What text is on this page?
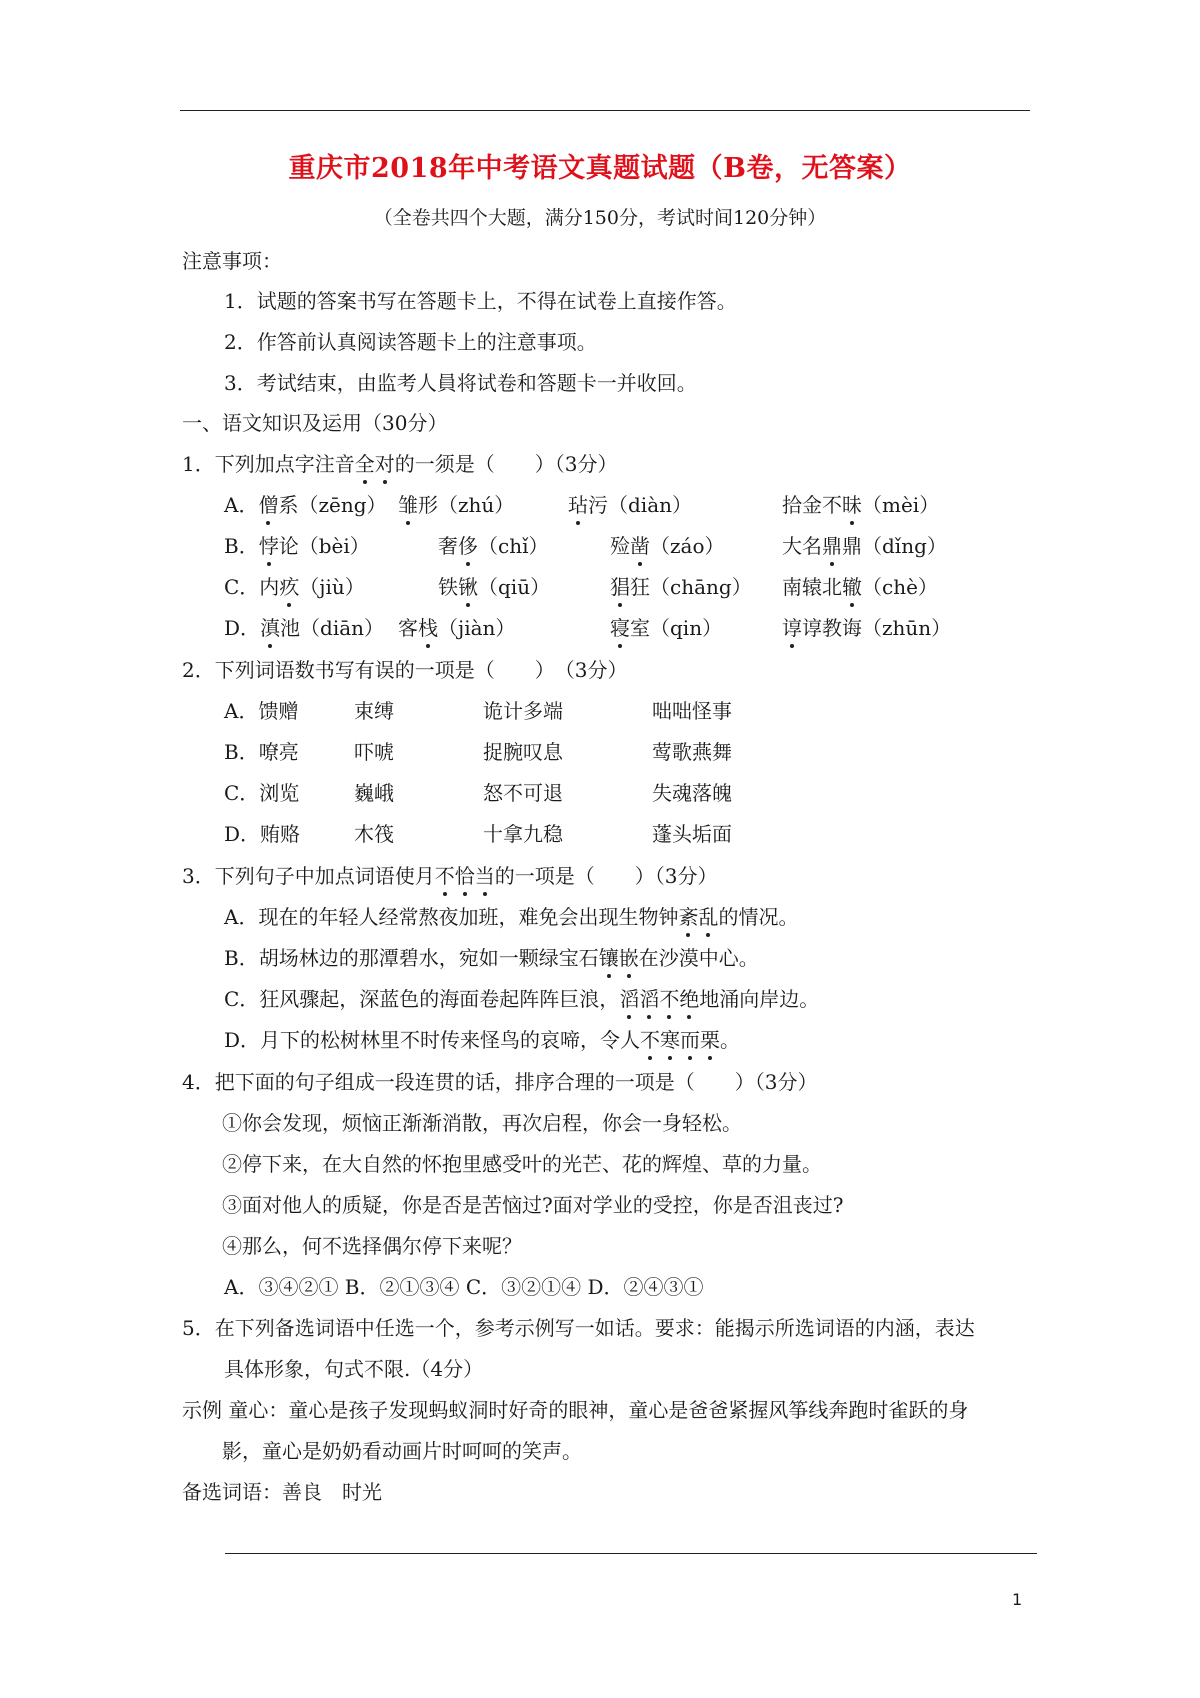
重庆市2018年中考语文真题试题（B卷，无答案）
（全卷共四个大题，满分150分，考试时间120分钟）
注意事项：
1．试题的答案书写在答题卡上，不得在试卷上直接作答。
2．作答前认真阅读答题卡上的注意事项。
3．考试结束，由监考人員将试卷和答题卡一并收回。
一、语文知识及运用（30分）
1．下列加点字注音全对的一须是（　　）（3分）
A．僧系（zēng） 雏形（zhú）	玷污（diàn）	拾金不昧（mèi）
B．悖论（bèi）	奢侈（chǐ）	殓凿（záo）	大名鼎鼎（dǐng）
C．内疚（jiù）	铁锹（qiū）	猖狂（chāng） 南辕北辙（chè）
D．滇池（diān） 客栈（jiàn）	寝室（qin）	谆谆教诲（zhūn）
2．下列词语数书写有误的一项是（　　）　（3分）
A．馈赠	束缚	诡计多端	咄咄怪事
B．嘹亮	吓唬	捉腕叹息	莺歌燕舞
C．浏览	巍峨	怒不可退	失魂落魄
D．贿赂	木筏	十拿九稳	蓬头垢面
3．下列句子中加点词语使月不恰当的一项是（　　）（3分）
A．现在的年轻人经常熬夜加班，难免会出现生物钟紊乱的情况。
B．胡场林边的那潭碧水，宛如一颗绿宝石镶嵌在沙漠中心。
C．狂风骤起，深蓝色的海面卷起阵阵巨浪，滔滔不绝地涌向岸边。
D．月下的松树林里不时传来怪鸟的哀啼，令人不寒而栗。
4．把下面的句子组成一段连贯的话，排序合理的一项是（　　）（3分）
①你会发现，烦恼正渐渐消散，再次启程，你会一身轻松。
②停下来，在大自然的怀抱里感受叶的光芒、花的辉煌、草的力量。
③面对他人的质疑，你是否是苦恼过?面对学业的受控，你是否沮丧过?
④那么，何不选择偶尔停下来呢？
A．③④②① B．②①③④ C．③②①④ D．②④③①
5．在下列备选词语中任选一个，参考示例写一如话。要求：能揭示所选词语的内涵，表达
具体形象，句式不限.（4分）
示例 童心：童心是孩子发现蚂蚁洞时好奇的眼神，童心是爸爸紧握风筝线奔跑时雀跃的身
影，童心是奶奶看动画片时呵呵的笑声。
备选词语：善良　时光
1
